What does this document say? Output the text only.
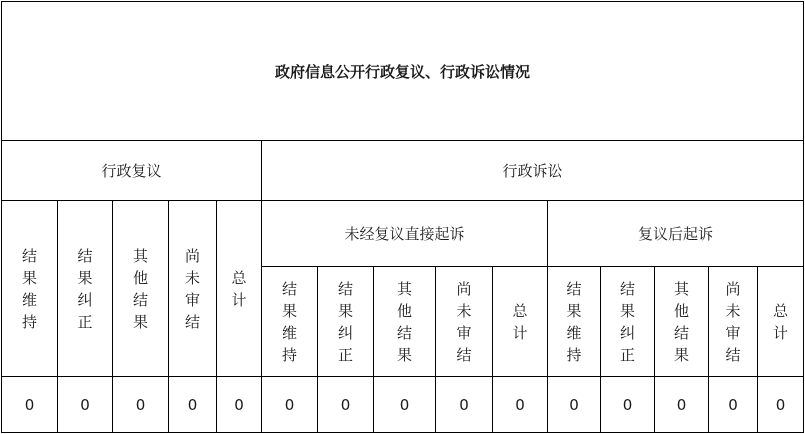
政府信息公开行政复议、行政诉讼情况														
行政复议					行政诉讼									
结果维持	结果纠正	其他结果	尚未审结	总计	未经复议直接起诉					复议后起诉				
					结果维持	结果纠正	其他结果	尚未审结	总计	结果维持	结果纠正	其他结果	尚未审结	总计
0	0	0	0	0	0	0	0	0	0	0	0	0	0	0
